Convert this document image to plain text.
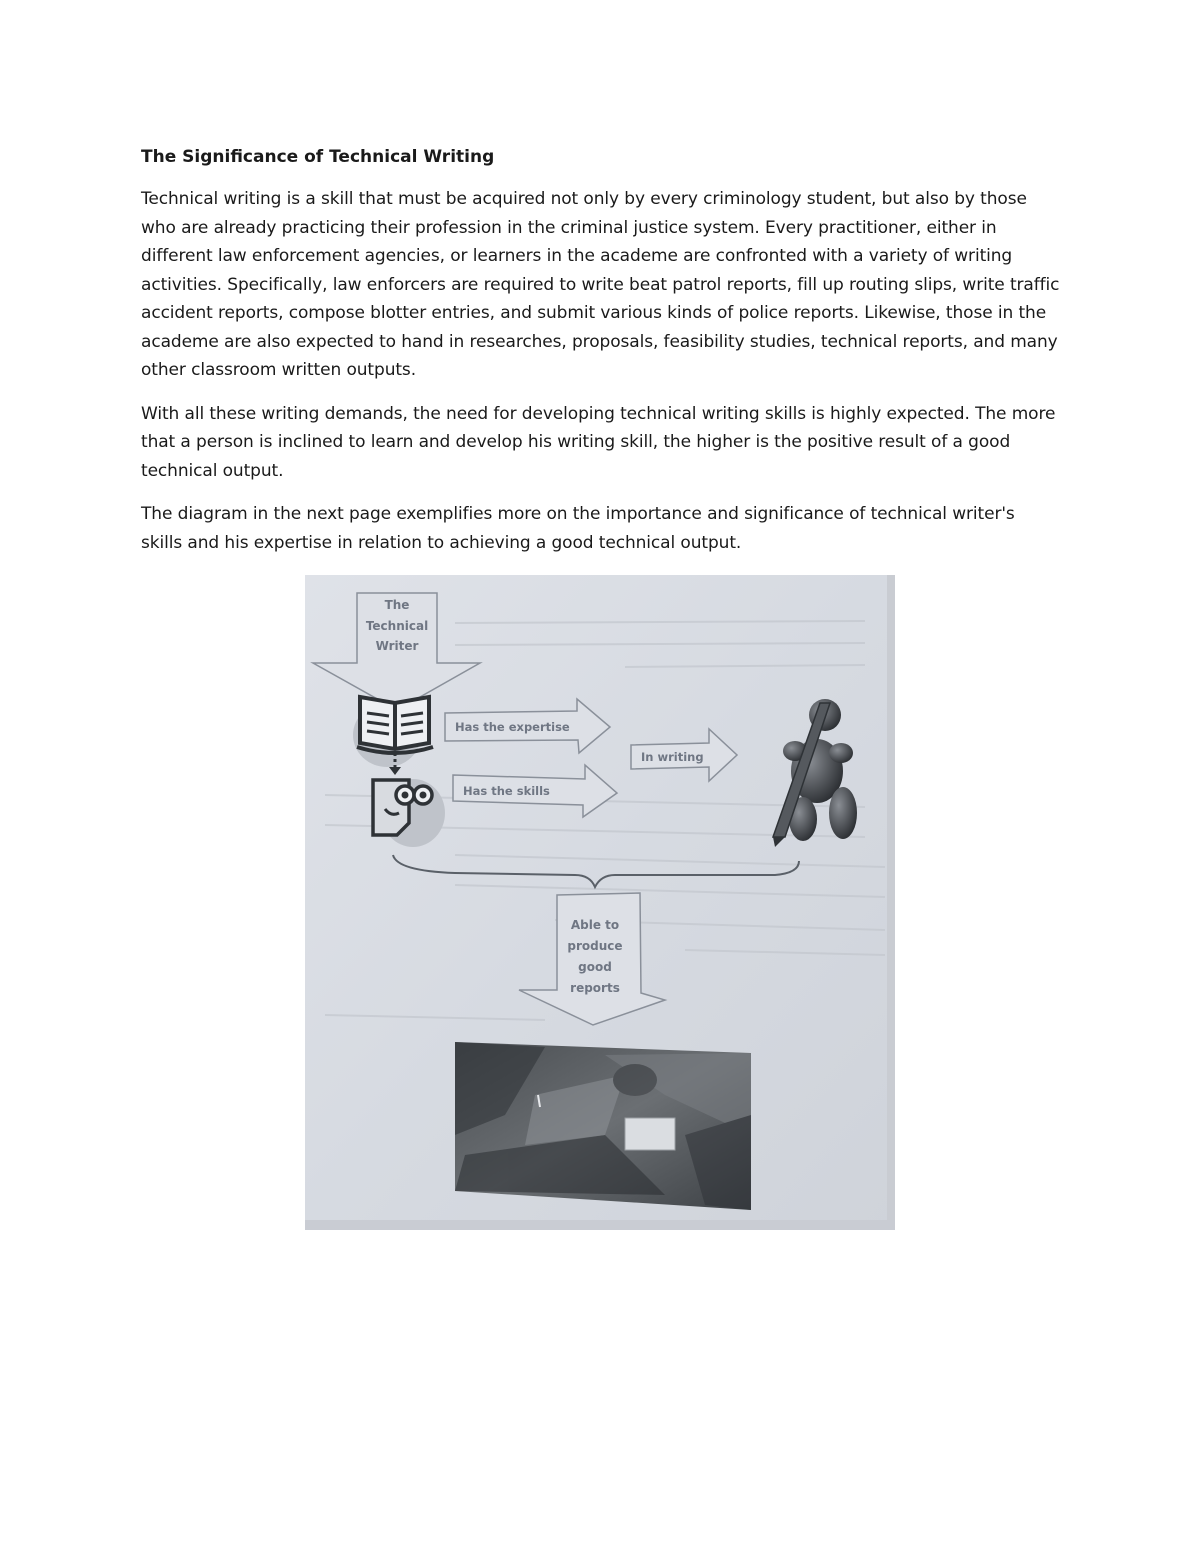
The Significance of Technical Writing

Technical writing is a skill that must be acquired not only by every criminology student, but also by those who are already practicing their profession in the criminal justice system. Every practitioner, either in different law enforcement agencies, or learners in the academe are confronted with a variety of writing activities. Specifically, law enforcers are required to write beat patrol reports, fill up routing slips, write traffic accident reports, compose blotter entries, and submit various kinds of police reports. Likewise, those in the academe are also expected to hand in researches, proposals, feasibility studies, technical reports, and many other classroom written outputs.

With all these writing demands, the need for developing technical writing skills is highly expected. The more that a person is inclined to learn and develop his writing skill, the higher is the positive result of a good technical output.

The diagram in the next page exemplifies more on the importance and significance of technical writer's skills and his expertise in relation to achieving a good technical output.

The
Technical
Writer
Has the expertise
Has the skills
In writing
Able to
produce
good
reports
